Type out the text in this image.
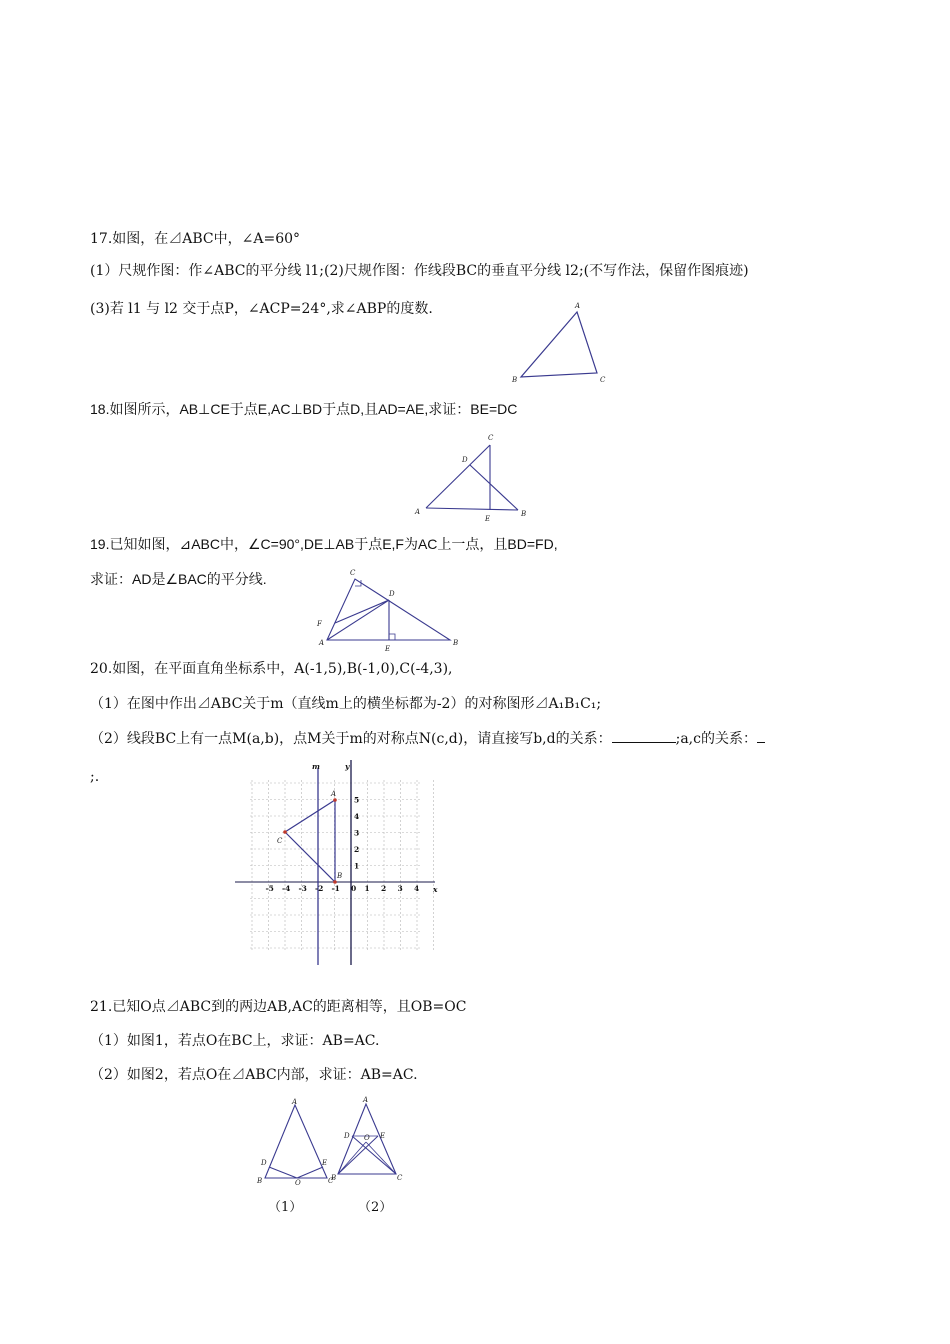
17.如图，在⊿ABC中，∠A=60°
(1）尺规作图：作∠ABC的平分线 l1;(2)尺规作图：作线段BC的垂直平分线 l2;(不写作法，保留作图痕迹)
(3)若 l1 与 l2 交于点P，∠ACP=24°,求∠ABP的度数.	A
B	C
18.如图所示，AB⊥CE于点E,AC⊥BD于点D,且AD=AE,求证：BE=DC
A	B
C
D
E
19.已知如图，⊿ABC中，∠C=90°,DE⊥AB于点E,F为AC上一点，且BD=FD,
求证：AD是∠BAC的平分线.
A	B
C
D
E
F
20.如图，在平面直角坐标系中，A(-1,5),B(-1,0),C(-4,3),
（1）在图中作出⊿ABC关于m（直线m上的横坐标都为-2）的对称图形⊿A₁B₁C₁;
（2）线段BC上有一点M(a,b)，点M关于m的对称点N(c,d)，请直接写b,d的关系：	;a,c的关系：
;.
y
m
x
A
C
B
-5 -4 -3 -2 -1 0 1 2 3 4
1
2
3
4
5
21.已知O点⊿ABC到的两边AB,AC的距离相等，且OB=OC
（1）如图1，若点O在BC上，求证：AB=AC.
（2）如图2，若点O在⊿ABC内部，求证：AB=AC.
A
B	C
D	E
O
A
B	C
D	E
O
（1）	（2）
